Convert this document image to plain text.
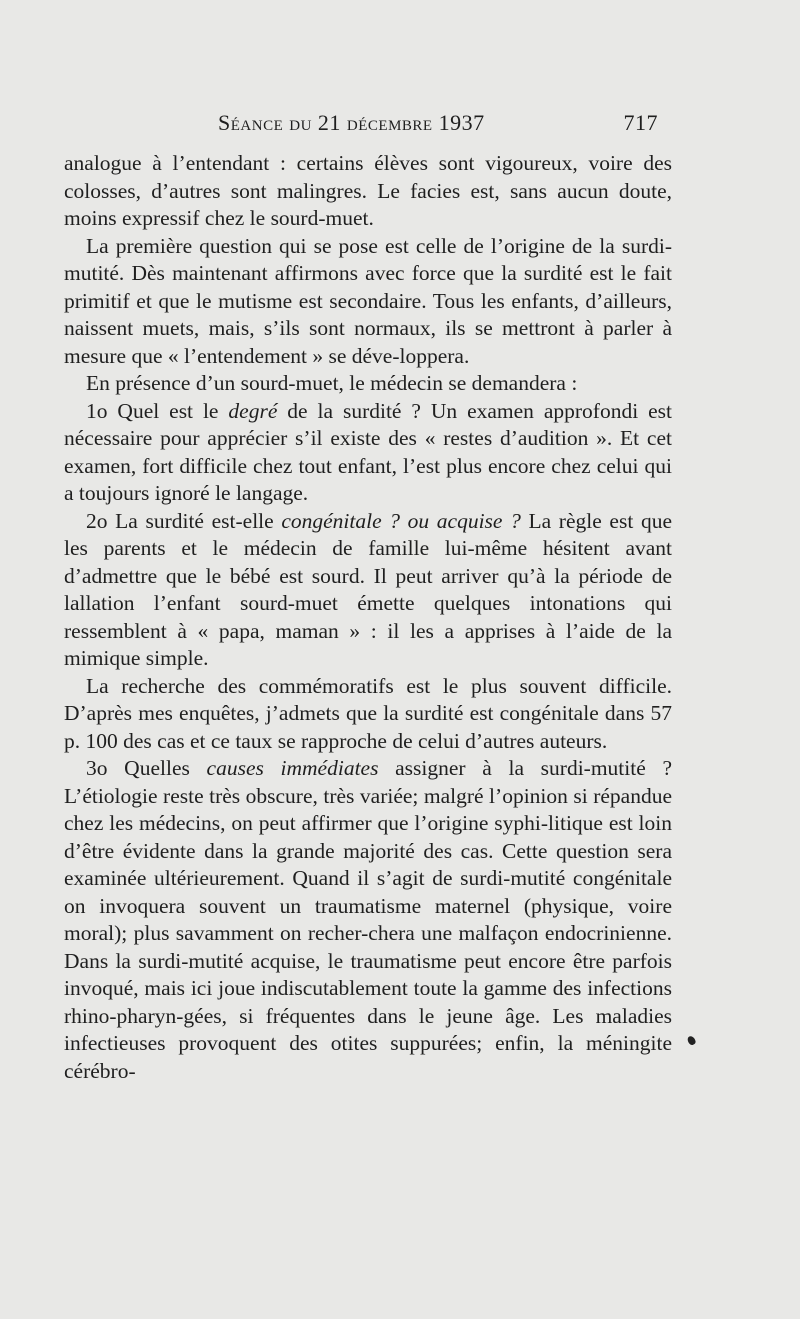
Séance du 21 décembre 1937	717

analogue à l’entendant : certains élèves sont vigoureux, voire des colosses, d’autres sont malingres. Le facies est, sans aucun doute, moins expressif chez le sourd-muet.

La première question qui se pose est celle de l’origine de la surdi-mutité. Dès maintenant affirmons avec force que la surdité est le fait primitif et que le mutisme est secondaire. Tous les enfants, d’ailleurs, naissent muets, mais, s’ils sont normaux, ils se mettront à parler à mesure que « l’entendement » se déve-loppera.

En présence d’un sourd-muet, le médecin se demandera :

1o Quel est le degré de la surdité ? Un examen approfondi est nécessaire pour apprécier s’il existe des « restes d’audition ». Et cet examen, fort difficile chez tout enfant, l’est plus encore chez celui qui a toujours ignoré le langage.

2o La surdité est-elle congénitale ? ou acquise ? La règle est que les parents et le médecin de famille lui-même hésitent avant d’admettre que le bébé est sourd. Il peut arriver qu’à la période de lallation l’enfant sourd-muet émette quelques intonations qui ressemblent à « papa, maman » : il les a apprises à l’aide de la mimique simple.

La recherche des commémoratifs est le plus souvent difficile. D’après mes enquêtes, j’admets que la surdité est congénitale dans 57 p. 100 des cas et ce taux se rapproche de celui d’autres auteurs.

3o Quelles causes immédiates assigner à la surdi-mutité ? L’étiologie reste très obscure, très variée; malgré l’opinion si répandue chez les médecins, on peut affirmer que l’origine syphi-litique est loin d’être évidente dans la grande majorité des cas. Cette question sera examinée ultérieurement. Quand il s’agit de surdi-mutité congénitale on invoquera souvent un traumatisme maternel (physique, voire moral); plus savamment on recher-chera une malfaçon endocrinienne. Dans la surdi-mutité acquise, le traumatisme peut encore être parfois invoqué, mais ici joue indiscutablement toute la gamme des infections rhino-pharyn-gées, si fréquentes dans le jeune âge. Les maladies infectieuses provoquent des otites suppurées; enfin, la méningite cérébro-
